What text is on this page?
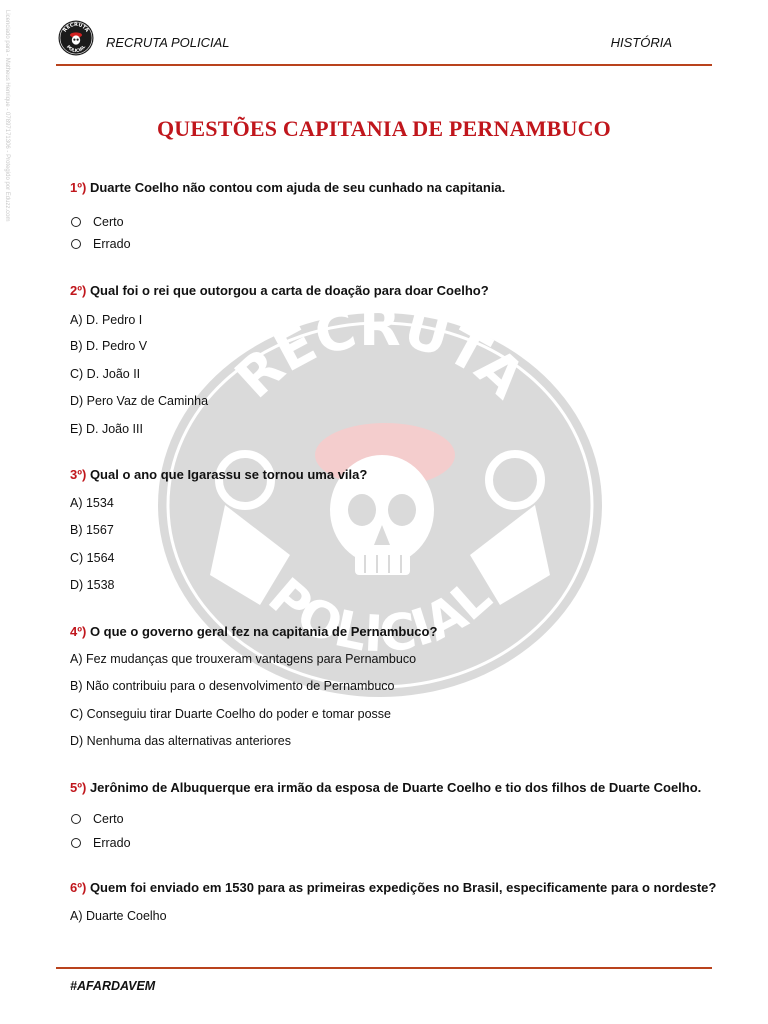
Licenciado para - Matheus Henrique - 07897171306 - Protegido por Eduzz.com
RECRUTA
POLICIAL
RECRUTA
POLICIAL RECRUTA POLICIAL	HISTÓRIA
QUESTÕES CAPITANIA DE PERNAMBUCO
1º) Duarte Coelho não contou com ajuda de seu cunhado na capitania.
Certo
Errado
2º) Qual foi o rei que outorgou a carta de doação para doar Coelho?
A) D. Pedro I
B) D. Pedro V
C) D. João II
D) Pero Vaz de Caminha
E) D. João III
3º) Qual o ano que Igarassu se tornou uma vila?
A) 1534
B) 1567
C) 1564
D) 1538
4º) O que o governo geral fez na capitania de Pernambuco?
A) Fez mudanças que trouxeram vantagens para Pernambuco
B) Não contribuiu para o desenvolvimento de Pernambuco
C) Conseguiu tirar Duarte Coelho do poder e tomar posse
D) Nenhuma das alternativas anteriores
5º) Jerônimo de Albuquerque era irmão da esposa de Duarte Coelho e tio dos filhos de Duarte Coelho.
Certo
Errado
6º) Quem foi enviado em 1530 para as primeiras expedições no Brasil, especificamente para o nordeste?
A) Duarte Coelho
#AFARDAVEM
